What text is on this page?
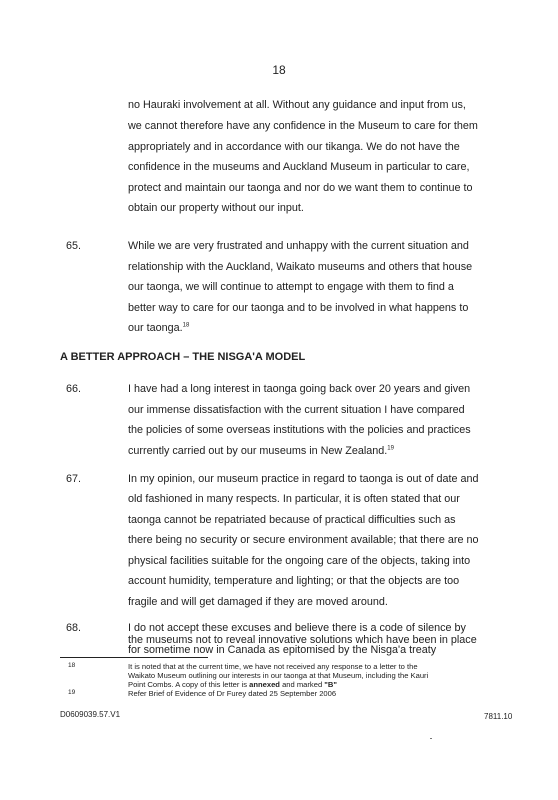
18
no Hauraki involvement at all. Without any guidance and input from us,
we cannot therefore have any confidence in the Museum to care for them
appropriately and in accordance with our tikanga. We do not have the
confidence in the museums and Auckland Museum in particular to care,
protect and maintain our taonga and nor do we want them to continue to
obtain our property without our input.
65.	While we are very frustrated and unhappy with the current situation and
relationship with the Auckland, Waikato museums and others that house
our taonga, we will continue to attempt to engage with them to find a
better way to care for our taonga and to be involved in what happens to
our taonga.$^{18}$
A BETTER APPROACH – THE NISGA'A MODEL
66.	I have had a long interest in taonga going back over 20 years and given
our immense dissatisfaction with the current situation I have compared
the policies of some overseas institutions with the policies and practices
currently carried out by our museums in New Zealand.$^{19}$
67.	In my opinion, our museum practice in regard to taonga is out of date and
old fashioned in many respects. In particular, it is often stated that our
taonga cannot be repatriated because of practical difficulties such as
there being no security or secure environment available; that there are no
physical facilities suitable for the ongoing care of the objects, taking into
account humidity, temperature and lighting; or that the objects are too
fragile and will get damaged if they are moved around.
68.	I do not accept these excuses and believe there is a code of silence by
the museums not to reveal innovative solutions which have been in place
for sometime now in Canada as epitomised by the Nisga'a treaty
18	It is noted that at the current time, we have not received any response to a letter to the
Waikato Museum outlining our interests in our taonga at that Museum, including the Kauri
Point Combs. A copy of this letter is annexed and marked "B"
19	Refer Brief of Evidence of Dr Furey dated 25 September 2006
D0609039.57.V1	7811.10
